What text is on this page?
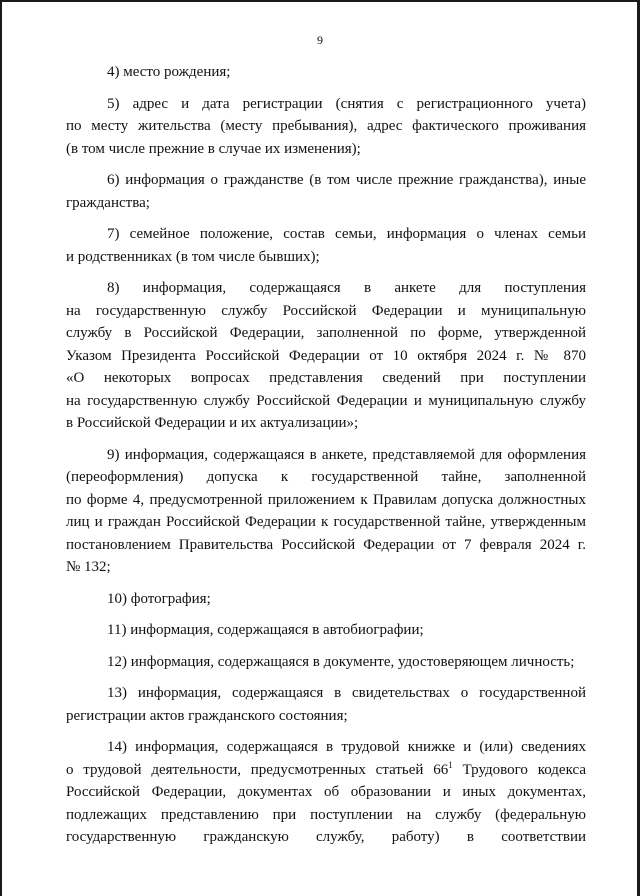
9
4) место рождения;
5) адрес и дата регистрации (снятия с регистрационного учета)
по месту жительства (месту пребывания), адрес фактического проживания
(в том числе прежние в случае их изменения);
6) информация о гражданстве (в том числе прежние гражданства), иные
гражданства;
7) семейное положение, состав семьи, информация о членах семьи
и родственниках (в том числе бывших);
8) информация, содержащаяся в анкете для поступления
на государственную службу Российской Федерации и муниципальную
службу в Российской Федерации, заполненной по форме, утвержденной
Указом Президента Российской Федерации от 10 октября 2024 г. № 870
«О некоторых вопросах представления сведений при поступлении
на государственную службу Российской Федерации и муниципальную службу
в Российской Федерации и их актуализации»;
9) информация, содержащаяся в анкете, представляемой для оформления
(переоформления) допуска к государственной тайне, заполненной
по форме 4, предусмотренной приложением к Правилам допуска должностных
лиц и граждан Российской Федерации к государственной тайне, утвержденным
постановлением Правительства Российской Федерации от 7 февраля 2024 г.
№ 132;
10) фотография;
11) информация, содержащаяся в автобиографии;
12) информация, содержащаяся в документе, удостоверяющем личность;
13) информация, содержащаяся в свидетельствах о государственной
регистрации актов гражданского состояния;
14) информация, содержащаяся в трудовой книжке и (или) сведениях
о трудовой деятельности, предусмотренных статьей $66^1$ Трудового кодекса
Российской Федерации, документах об образовании и иных документах,
подлежащих представлению при поступлении на службу (федеральную
государственную гражданскую службу, работу) в соответствии
